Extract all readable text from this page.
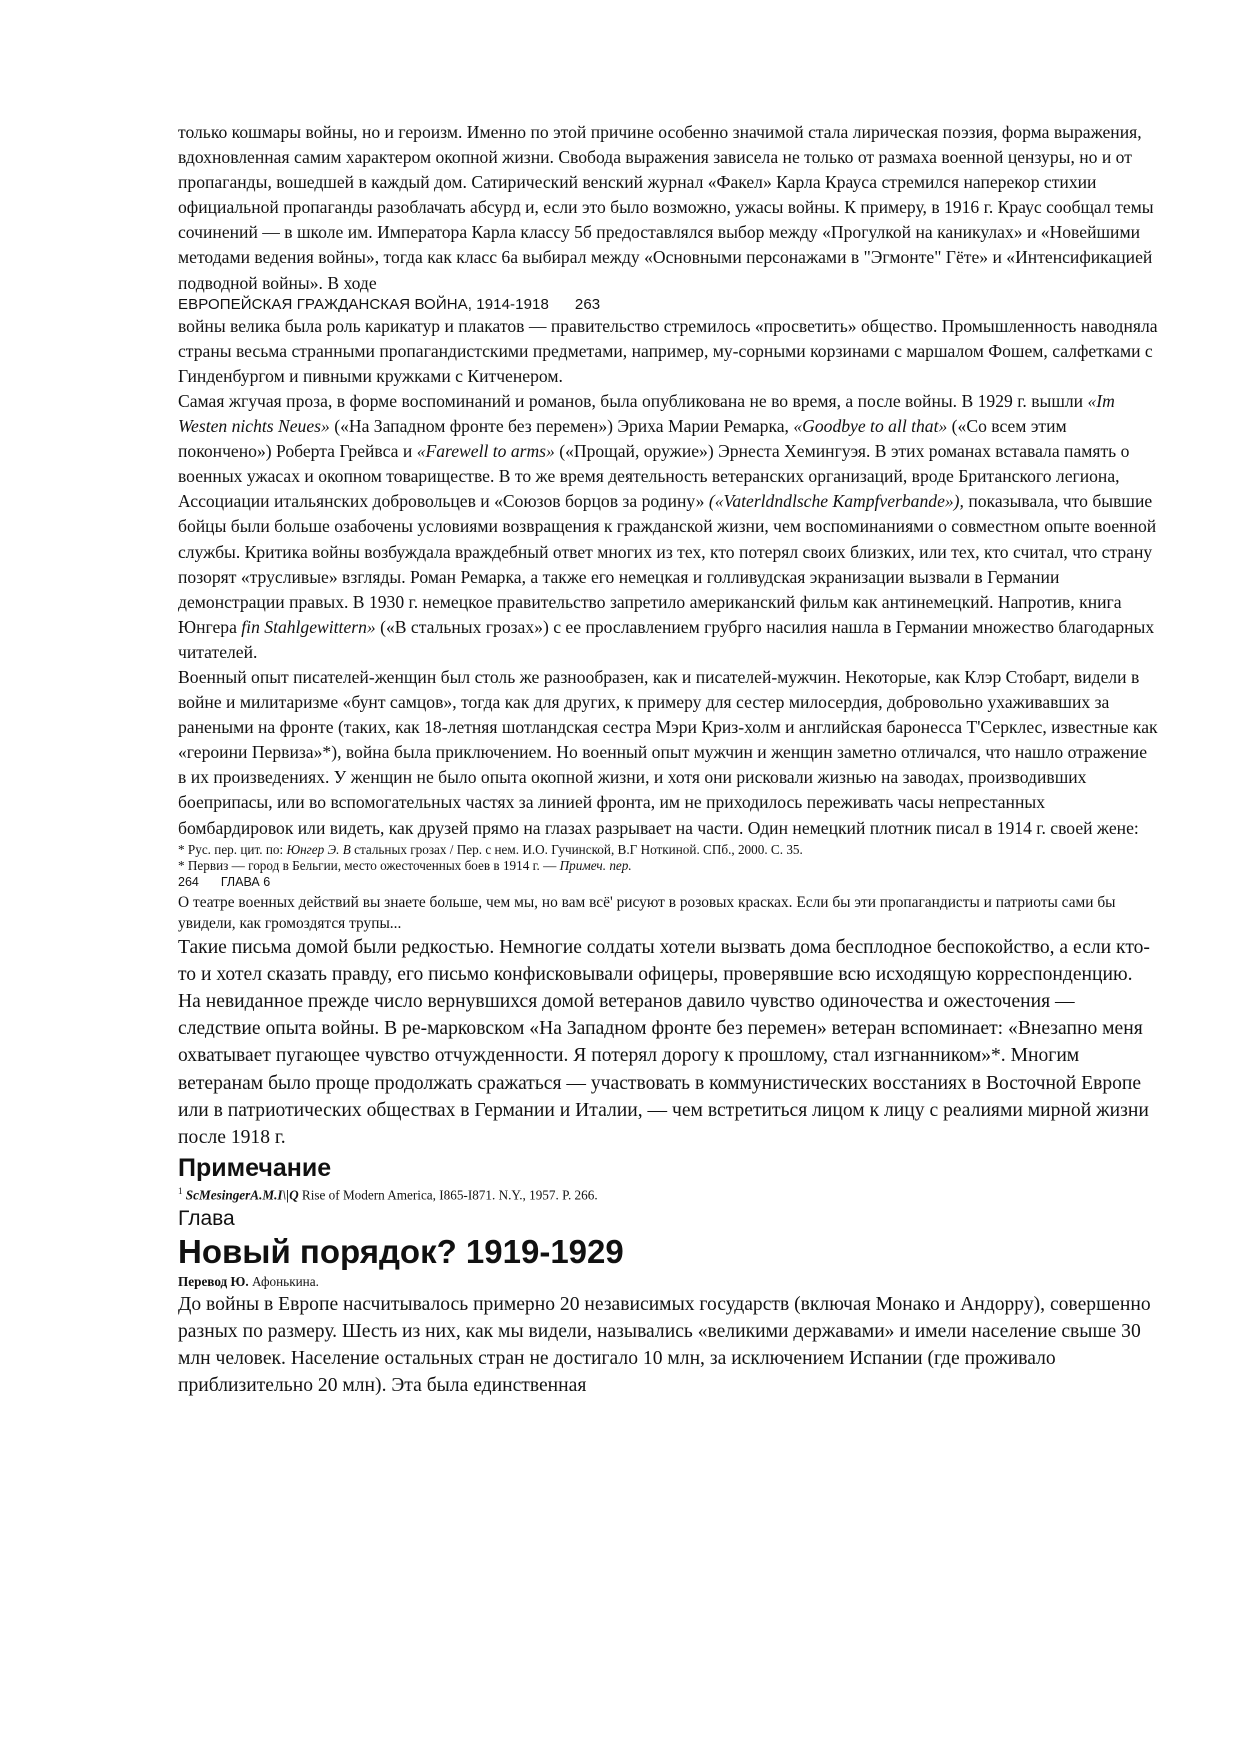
только кошмары войны, но и героизм. Именно по этой причине особенно значимой стала лирическая поэзия, форма выражения, вдохновленная самим характером окопной жизни. Свобода выражения зависела не только от размаха военной цензуры, но и от пропаганды, вошедшей в каждый дом. Сатирический венский журнал «Факел» Карла Крауса стремился наперекор стихии официальной пропаганды разоблачать абсурд и, если это было возможно, ужасы войны. К примеру, в 1916 г. Краус сообщал темы сочинений — в школе им. Императора Карла классу 5б предоставлялся выбор между «Прогулкой на каникулах» и «Новейшими методами ведения войны», тогда как класс 6а выбирал между «Основными персонажами в "Эгмонте" Гёте» и «Интенсификацией подводной войны». В ходе

ЕВРОПЕЙСКАЯ ГРАЖДАНСКАЯ ВОЙНА, 1914-1918 263

войны велика была роль карикатур и плакатов — правительство стремилось «просветить» общество. Промышленность наводняла страны весьма странными пропагандистскими предметами, например, му-сорными корзинами с маршалом Фошем, салфетками с Гинденбургом и пивными кружками с Китченером.

Самая жгучая проза, в форме воспоминаний и романов, была опубликована не во время, а после войны. В 1929 г. вышли «Im Westen nichts Neues» («На Западном фронте без перемен») Эриха Марии Ремарка, «Goodbye to all that» («Со всем этим покончено») Роберта Грейвса и «Farewell to arms» («Прощай, оружие») Эрнеста Хемингуэя. В этих романах вставала память о военных ужасах и окопном товариществе. В то же время деятельность ветеранских организаций, вроде Британского легиона, Ассоциации итальянских добровольцев и «Союзов борцов за родину» («Vaterldndlsche Kampfverbande»), показывала, что бывшие бойцы были больше озабочены условиями возвращения к гражданской жизни, чем воспоминаниями о совместном опыте военной службы. Критика войны возбуждала враждебный ответ многих из тех, кто потерял своих близких, или тех, кто считал, что страну позорят «трусливые» взгляды. Роман Ремарка, а также его немецкая и голливудская экранизации вызвали в Германии демонстрации правых. В 1930 г. немецкое правительство запретило американский фильм как антинемецкий. Напротив, книга Юнгера fin Stahlgewittern» («В стальных грозах») с ее прославлением грубрго насилия нашла в Германии множество благодарных читателей.

Военный опыт писателей-женщин был столь же разнообразен, как и писателей-мужчин. Некоторые, как Клэр Стобарт, видели в войне и милитаризме «бунт самцов», тогда как для других, к примеру для сестер милосердия, добровольно ухаживавших за ранеными на фронте (таких, как 18-летняя шотландская сестра Мэри Криз-холм и английская баронесса Т'Серклес, известные как «героини Первиза»*), война была приключением. Но военный опыт мужчин и женщин заметно отличался, что нашло отражение в их произведениях. У женщин не было опыта окопной жизни, и хотя они рисковали жизнью на заводах, производивших боеприпасы, или во вспомогательных частях за линией фронта, им не приходилось переживать часы непрестанных бомбардировок или видеть, как друзей прямо на глазах разрывает на части. Один немецкий плотник писал в 1914 г. своей жене:

* Рус. пер. цит. по: Юнгер Э. В стальных грозах / Пер. с нем. И.О. Гучинской, В.Г Ноткиной. СПб., 2000. С. 35.

* Первиз — город в Бельгии, место ожесточенных боев в 1914 г. — Примеч. пер.

264 ГЛАВА 6

О театре военных действий вы знаете больше, чем мы, но вам всё' рисуют в розовых красках. Если бы эти пропагандисты и патриоты сами бы увидели, как громоздятся трупы...

Такие письма домой были редкостью. Немногие солдаты хотели вызвать дома бесплодное беспокойство, а если кто-то и хотел сказать правду, его письмо конфисковывали офицеры, проверявшие всю исходящую корреспонденцию.

На невиданное прежде число вернувшихся домой ветеранов давило чувство одиночества и ожесточения — следствие опыта войны. В ре-марковском «На Западном фронте без перемен» ветеран вспоминает: «Внезапно меня охватывает пугающее чувство отчужденности. Я потерял дорогу к прошлому, стал изгнанником»*. Многим ветеранам было проще продолжать сражаться — участвовать в коммунистических восстаниях в Восточной Европе или в патриотических обществах в Германии и Италии, — чем встретиться лицом к лицу с реалиями мирной жизни после 1918 г.

Примечание

$^1$ ScMesingerA.M.I\|Q Rise of Modern America, I865-I871. N.Y., 1957. P. 266.

Глава
Новый порядок? 1919-1929

Перевод Ю. Афонькина.

До войны в Европе насчитывалось примерно 20 независимых государств (включая Монако и Андорру), совершенно разных по размеру. Шесть из них, как мы видели, назывались «великими державами» и имели население свыше 30 млн человек. Население остальных стран не достигало 10 млн, за исключением Испании (где проживало приблизительно 20 млн). Эта была единственная
